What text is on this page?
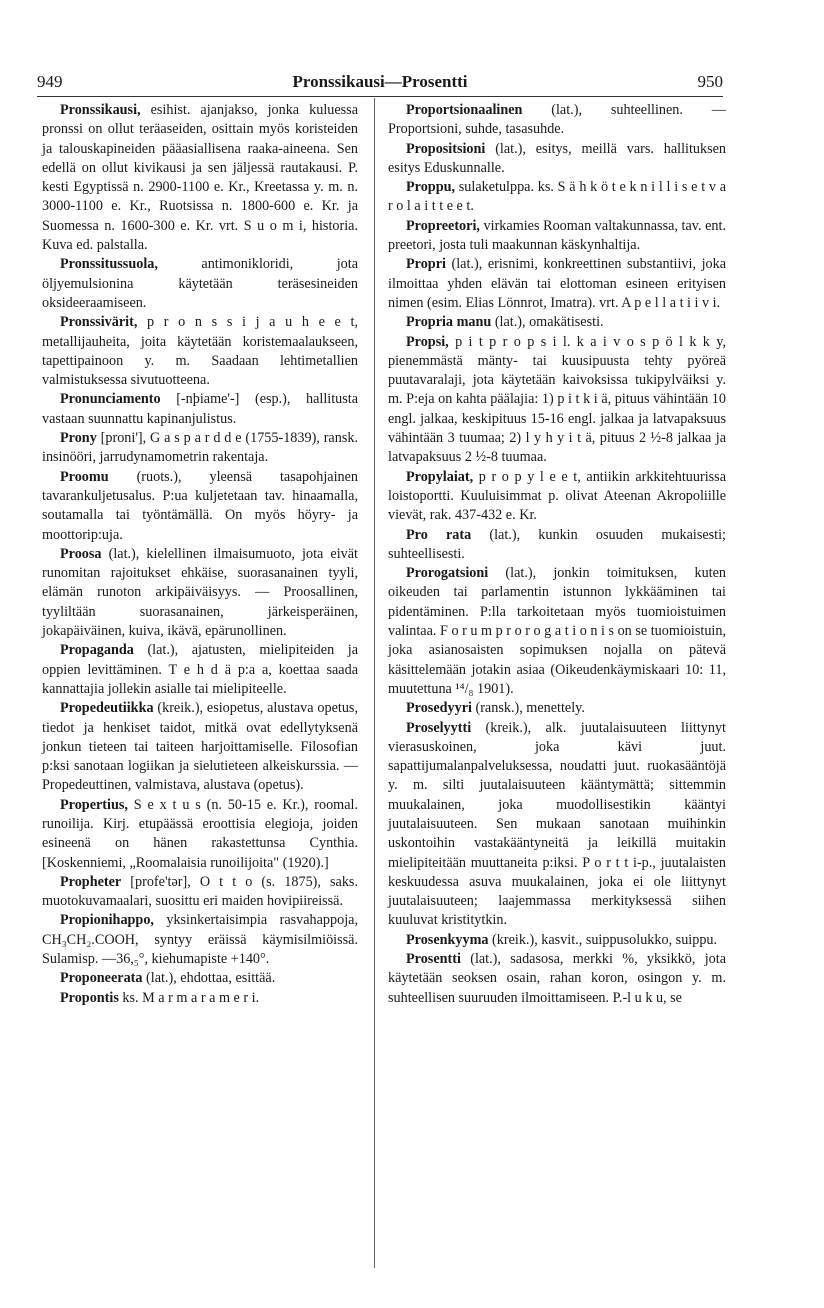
949	Pronssikausi—Prosentti	950

Pronssikausi, esihist. ajanjakso, jonka kuluessa pronssi on ollut teräaseiden, osittain myös koristeiden ja talouskapineiden pääasiallisena raaka-aineena. Sen edellä on ollut kivikausi ja sen jäljessä rautakausi. P. kesti Egyptissä n. 2900-1100 e. Kr., Kreetassa y. m. n. 3000-1100 e. Kr., Ruotsissa n. 1800-600 e. Kr. ja Suomessa n. 1600-300 e. Kr. vrt. S u o m i, historia. Kuva ed. palstalla.

Pronssitussuola, antimonikloridi, jota öljyemulsionina käytetään teräsesineiden oksideeraamiseen.

Pronssivärit, p r o n s s i j a u h e e t, metallijauheita, joita käytetään koristemaalaukseen, tapettipainoon y. m. Saadaan lehtimetallien valmistuksessa sivutuotteena.

Pronunciamento [-nþiame'-] (esp.), hallitusta vastaan suunnattu kapinanjulistus.

Prony [proni'], G a s p a r d d e (1755-1839), ransk. insinööri, jarrudynamometrin rakentaja.

Proomu (ruots.), yleensä tasapohjainen tavarankuljetusalus. P:ua kuljetetaan tav. hinaamalla, soutamalla tai työntämällä. On myös höyry- ja moottorip:uja.

Proosa (lat.), kielellinen ilmaisumuoto, jota eivät runomitan rajoitukset ehkäise, suorasanainen tyyli, elämän runoton arkipäiväisyys. — Proosallinen, tyyliltään suorasanainen, järkeisperäinen, jokapäiväinen, kuiva, ikävä, epärunollinen.

Propaganda (lat.), ajatusten, mielipiteiden ja oppien levittäminen. T e h d ä p:a a, koettaa saada kannattajia jollekin asialle tai mielipiteelle.

Propedeutiikka (kreik.), esiopetus, alustava opetus, tiedot ja henkiset taidot, mitkä ovat edellytyksenä jonkun tieteen tai taiteen harjoittamiselle. Filosofian p:ksi sanotaan logiikan ja sielutieteen alkeiskurssia. — Propedeuttinen, valmistava, alustava (opetus).

Propertius, S e x t u s (n. 50-15 e. Kr.), roomal. runoilija. Kirj. etupäässä eroottisia elegioja, joiden esineenä on hänen rakastettunsa Cynthia. [Koskenniemi, „Roomalaisia runoilijoita" (1920).]

Propheter [profe'tər], O t t o (s. 1875), saks. muotokuvamaalari, suosittu eri maiden hovipiireissä.

Propionihappo, yksinkertaisimpia rasvahappoja, CH₃CH₂.COOH, syntyy eräissä käymisilmiöissä. Sulamisp. —36,₅°, kiehumapiste +140°.

Proponeerata (lat.), ehdottaa, esittää.

Propontis ks. M a r m a r a m e r i.

Proportsionaalinen (lat.), suhteellinen. — Proportsioni, suhde, tasasuhde.

Propositsioni (lat.), esitys, meillä vars. hallituksen esitys Eduskunnalle.

Proppu, sulaketulppa. ks. S ä h k ö t e k n i l l i s e t v a r o l a i t t e e t.

Propreetori, virkamies Rooman valtakunnassa, tav. ent. preetori, josta tuli maakunnan käskynhaltija.

Propri (lat.), erisnimi, konkreettinen substantiivi, joka ilmoittaa yhden elävän tai elottoman esineen erityisen nimen (esim. Elias Lönnrot, Imatra). vrt. A p e l l a t i i v i.

Propria manu (lat.), omakätisesti.

Propsi, p i t p r o p s i l. k a i v o s p ö l k k y, pienemmästä mänty- tai kuusipuusta tehty pyöreä puutavaralaji, jota käytetään kaivoksissa tukipylväiksi y. m. P:eja on kahta päälajia: 1) p i t k i ä, pituus vähintään 10 engl. jalkaa, keskipituus 15-16 engl. jalkaa ja latvapaksuus vähintään 3 tuumaa; 2) l y h y i t ä, pituus 2 ½-8 jalkaa ja latvapaksuus 2 ½-8 tuumaa.

Propylaiat, p r o p y l e e t, antiikin arkkitehtuurissa loistoportti. Kuuluisimmat p. olivat Ateenan Akropoliille vievät, rak. 437-432 e. Kr.

Pro rata (lat.), kunkin osuuden mukaisesti; suhteellisesti.

Prorogatsioni (lat.), jonkin toimituksen, kuten oikeuden tai parlamentin istunnon lykkääminen tai pidentäminen. P:lla tarkoitetaan myös tuomioistuimen valintaa. F o r u m p r o r o g a t i o n i s on se tuomioistuin, joka asianosaisten sopimuksen nojalla on pätevä käsittelemään jotakin asiaa (Oikeudenkäymiskaari 10: 11, muutettuna ¹⁴/₈ 1901).

Prosedyyri (ransk.), menettely.

Proselyytti (kreik.), alk. juutalaisuuteen liittynyt vierasuskoinen, joka kävi juut. sapattijumalanpalveluksessa, noudatti juut. ruokasääntöjä y. m. silti juutalaisuuteen kääntymättä; sittemmin muukalainen, joka muodollisestikin kääntyi juutalaisuuteen. Sen mukaan sanotaan muihinkin uskontoihin vastakääntyneitä ja leikillä muitakin mielipiteitään muuttaneita p:iksi. P o r t t i-p., juutalaisten keskuudessa asuva muukalainen, joka ei ole liittynyt juutalaisuuteen; laajemmassa merkityksessä siihen kuuluvat kristitytkin.

Prosenkyyma (kreik.), kasvit., suippusolukko, suippu.

Prosentti (lat.), sadasosa, merkki %, yksikkö, jota käytetään seoksen osain, rahan koron, osingon y. m. suhteellisen suuruuden ilmoittamiseen. P.-l u k u, se
